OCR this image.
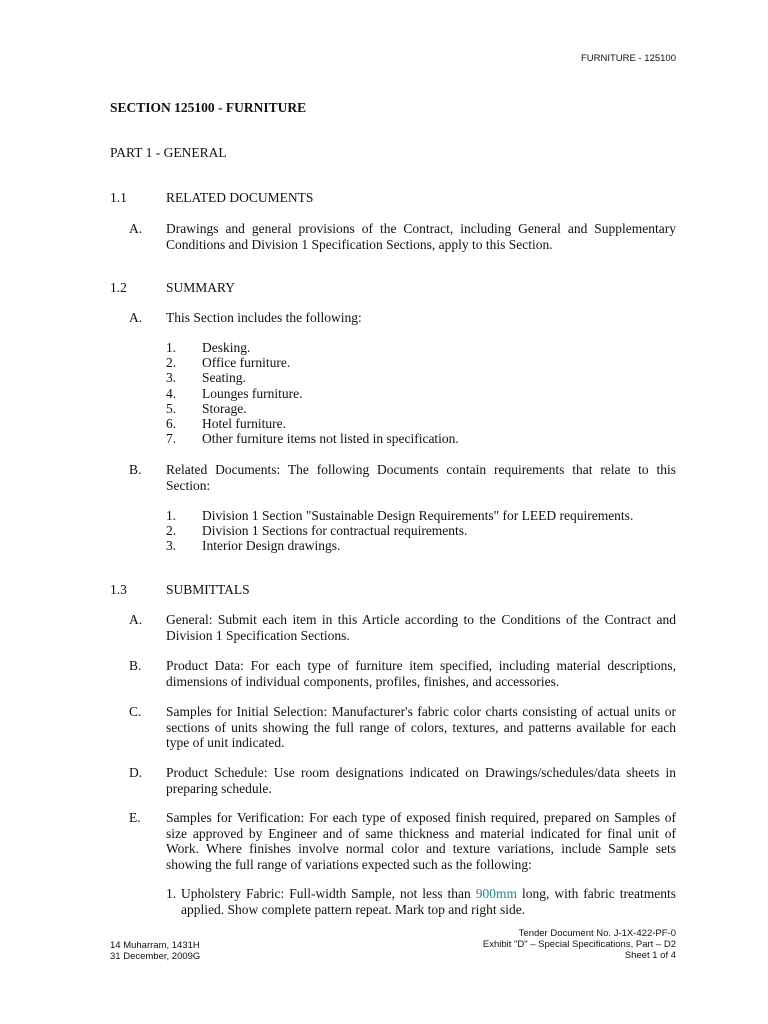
FURNITURE - 125100
SECTION 125100 - FURNITURE
PART 1 - GENERAL
1.1	RELATED DOCUMENTS
A. Drawings and general provisions of the Contract, including General and Supplementary Conditions and Division 1 Specification Sections, apply to this Section.
1.2	SUMMARY
A. This Section includes the following:
1. Desking.
2. Office furniture.
3. Seating.
4. Lounges furniture.
5. Storage.
6. Hotel furniture.
7. Other furniture items not listed in specification.
B. Related Documents: The following Documents contain requirements that relate to this Section:
1. Division 1 Section "Sustainable Design Requirements" for LEED requirements.
2. Division 1 Sections for contractual requirements.
3. Interior Design drawings.
1.3	SUBMITTALS
A. General: Submit each item in this Article according to the Conditions of the Contract and Division 1 Specification Sections.
B. Product Data: For each type of furniture item specified, including material descriptions, dimensions of individual components, profiles, finishes, and accessories.
C. Samples for Initial Selection: Manufacturer's fabric color charts consisting of actual units or sections of units showing the full range of colors, textures, and patterns available for each type of unit indicated.
D. Product Schedule: Use room designations indicated on Drawings/schedules/data sheets in preparing schedule.
E. Samples for Verification: For each type of exposed finish required, prepared on Samples of size approved by Engineer and of same thickness and material indicated for final unit of Work. Where finishes involve normal color and texture variations, include Sample sets showing the full range of variations expected such as the following:
1. Upholstery Fabric: Full-width Sample, not less than 900mm long, with fabric treatments applied. Show complete pattern repeat. Mark top and right side.
14 Muharram, 1431H
31 December, 2009G
Tender Document No. J-1X-422-PF-0
Exhibit "D" – Special Specifications, Part – D2
Sheet 1 of 4
